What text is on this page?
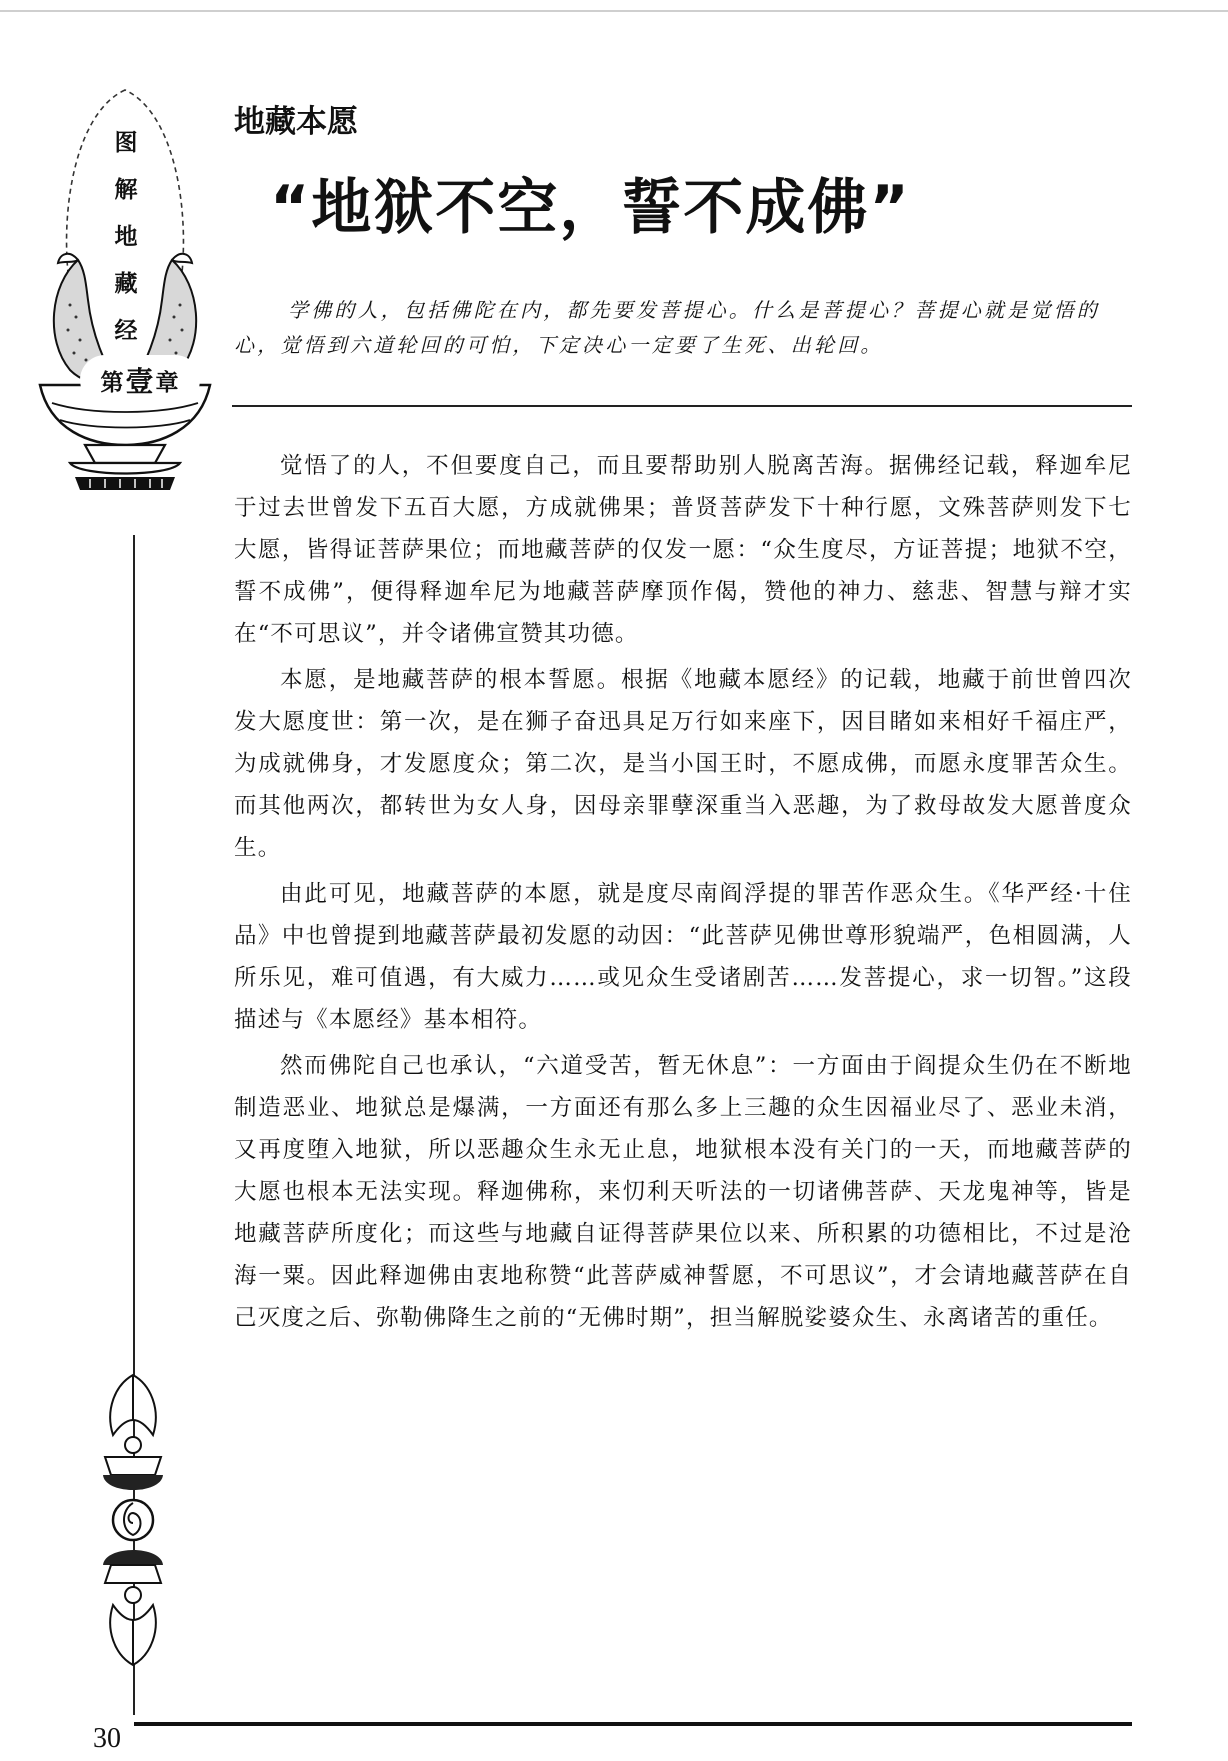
图
解
地
藏
经
第 壹 章
地藏本愿
“地狱不空，誓不成佛”

学佛的人，包括佛陀在内，都先要发菩提心。什么是菩提心？菩提心就是觉悟的心，觉悟到六道轮回的可怕，下定决心一定要了生死、出轮回。

觉悟了的人，不但要度自己，而且要帮助别人脱离苦海。据佛经记载，释迦牟尼于过去世曾发下五百大愿，方成就佛果；普贤菩萨发下十种行愿，文殊菩萨则发下七大愿，皆得证菩萨果位；而地藏菩萨的仅发一愿：“众生度尽，方证菩提；地狱不空，誓不成佛”，便得释迦牟尼为地藏菩萨摩顶作偈，赞他的神力、慈悲、智慧与辩才实在“不可思议”，并令诸佛宣赞其功德。

本愿，是地藏菩萨的根本誓愿。根据《地藏本愿经》的记载，地藏于前世曾四次发大愿度世：第一次，是在狮子奋迅具足万行如来座下，因目睹如来相好千福庄严，为成就佛身，才发愿度众；第二次，是当小国王时，不愿成佛，而愿永度罪苦众生。而其他两次，都转世为女人身，因母亲罪孽深重当入恶趣，为了救母故发大愿普度众生。

由此可见，地藏菩萨的本愿，就是度尽南阎浮提的罪苦作恶众生。《华严经·十住品》中也曾提到地藏菩萨最初发愿的动因：“此菩萨见佛世尊形貌端严，色相圆满，人所乐见，难可值遇，有大威力……或见众生受诸剧苦……发菩提心，求一切智。”这段描述与《本愿经》基本相符。

然而佛陀自己也承认，“六道受苦，暂无休息”：一方面由于阎提众生仍在不断地制造恶业、地狱总是爆满，一方面还有那么多上三趣的众生因福业尽了、恶业未消，又再度堕入地狱，所以恶趣众生永无止息，地狱根本没有关门的一天，而地藏菩萨的大愿也根本无法实现。释迦佛称，来忉利天听法的一切诸佛菩萨、天龙鬼神等，皆是地藏菩萨所度化；而这些与地藏自证得菩萨果位以来、所积累的功德相比，不过是沧海一粟。因此释迦佛由衷地称赞“此菩萨威神誓愿，不可思议”，才会请地藏菩萨在自己灭度之后、弥勒佛降生之前的“无佛时期”，担当解脱娑婆众生、永离诸苦的重任。

30
